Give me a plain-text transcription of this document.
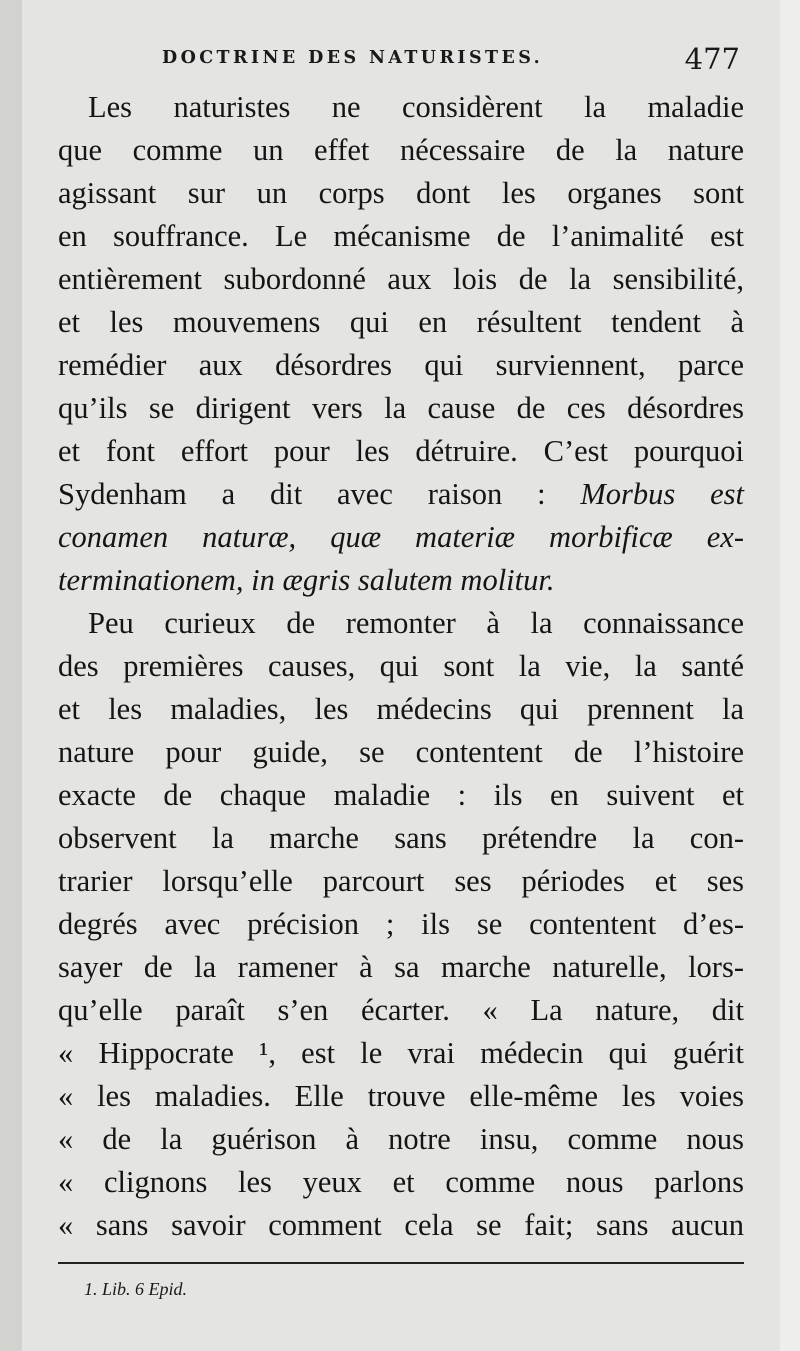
DOCTRINE DES NATURISTES.	477
Les naturistes ne considèrent la maladie
que comme un effet nécessaire de la nature
agissant sur un corps dont les organes sont
en souffrance. Le mécanisme de l’animalité est
entièrement subordonné aux lois de la sensibilité,
et les mouvemens qui en résultent tendent à
remédier aux désordres qui surviennent, parce
qu’ils se dirigent vers la cause de ces désordres
et font effort pour les détruire. C’est pourquoi
Sydenham a dit avec raison : Morbus est
conamen naturæ, quæ materiæ morbificæ ex-
terminationem, in ægris salutem molitur.
Peu curieux de remonter à la connaissance
des premières causes, qui sont la vie, la santé
et les maladies, les médecins qui prennent la
nature pour guide, se contentent de l’histoire
exacte de chaque maladie : ils en suivent et
observent la marche sans prétendre la con-
trarier lorsqu’elle parcourt ses périodes et ses
degrés avec précision ; ils se contentent d’es-
sayer de la ramener à sa marche naturelle, lors-
qu’elle paraît s’en écarter. « La nature, dit
« Hippocrate ¹, est le vrai médecin qui guérit
« les maladies. Elle trouve elle-même les voies
« de la guérison à notre insu, comme nous
« clignons les yeux et comme nous parlons
« sans savoir comment cela se fait; sans aucun
1. Lib. 6 Epid.
